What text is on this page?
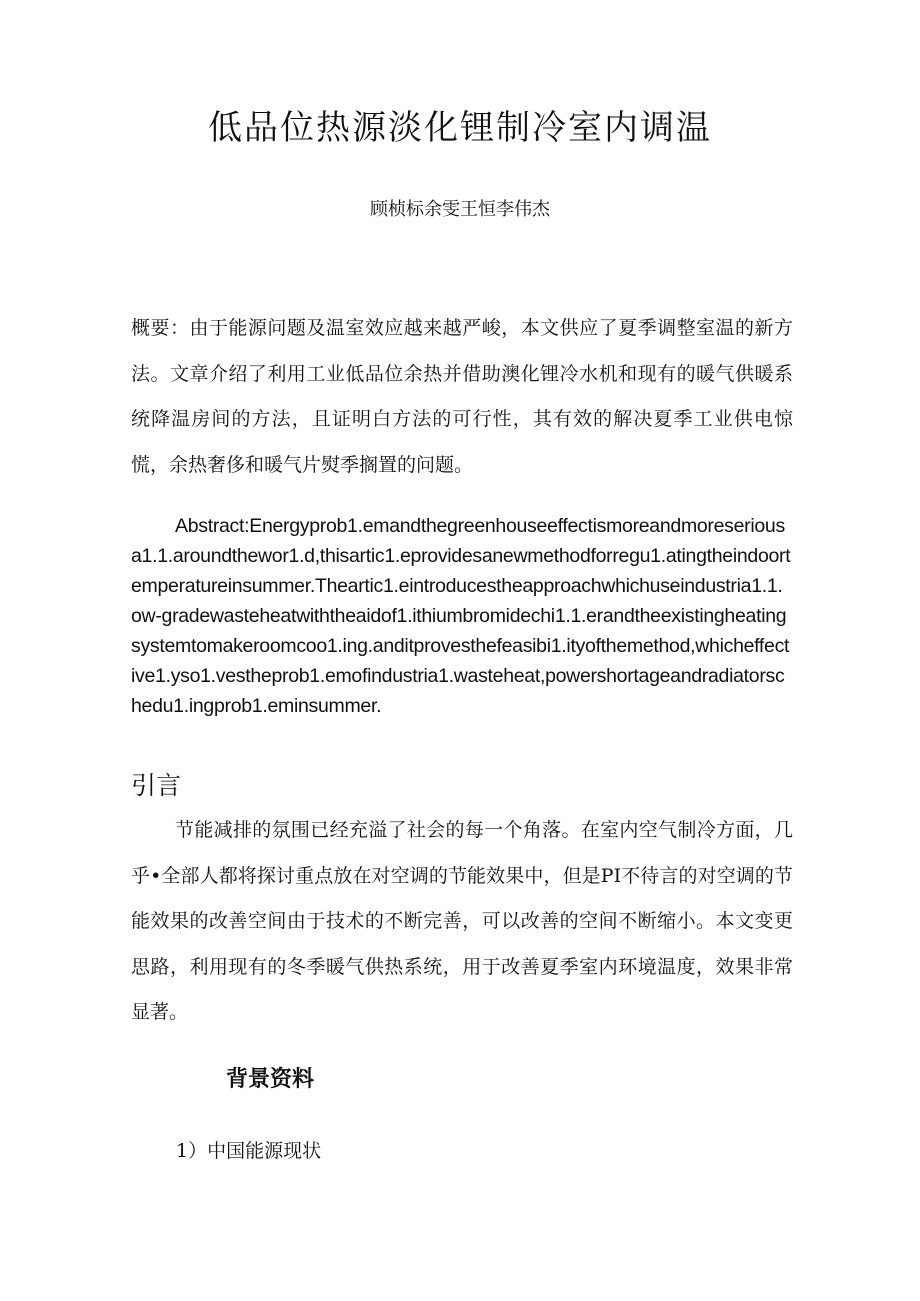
低品位热源淡化锂制冷室内调温
顾桢标余雯王恒李伟杰

概要：由于能源问题及温室效应越来越严峻，本文供应了夏季调整室温的新方法。文章介绍了利用工业低品位余热并借助澳化锂冷水机和现有的暖气供暖系统降温房间的方法，且证明白方法的可行性，其有效的解决夏季工业供电惊慌，余热奢侈和暖气片熨季搁置的问题。

Abstract:Energyprob1.emandthegreenhouseeffectismoreandmoreseriousa1.1.aroundthewor1.d,thisartic1.eprovidesanewmethodforregu1.atingtheindoortemperatureinsummer.Theartic1.eintroducestheapproachwhichuseindustria1.1.ow-gradewasteheatwiththeaidof1.ithiumbromidechi1.1.erandtheexistingheatingsystemtomakeroomcoo1.ing.anditprovesthefeasibi1.ityofthemethod,whicheffective1.yso1.vestheprob1.emofindustria1.wasteheat,powershortageandradiatorschedu1.ingprob1.eminsummer.

引言

节能减排的氛围已经充溢了社会的每一个角落。在室内空气制冷方面，几乎•全部人都将探讨重点放在对空调的节能效果中，但是PI不待言的对空调的节能效果的改善空间由于技术的不断完善，可以改善的空间不断缩小。本文变更思路，利用现有的冬季暖气供热系统，用于改善夏季室内环境温度，效果非常显著。

背景资料
1）中国能源现状
